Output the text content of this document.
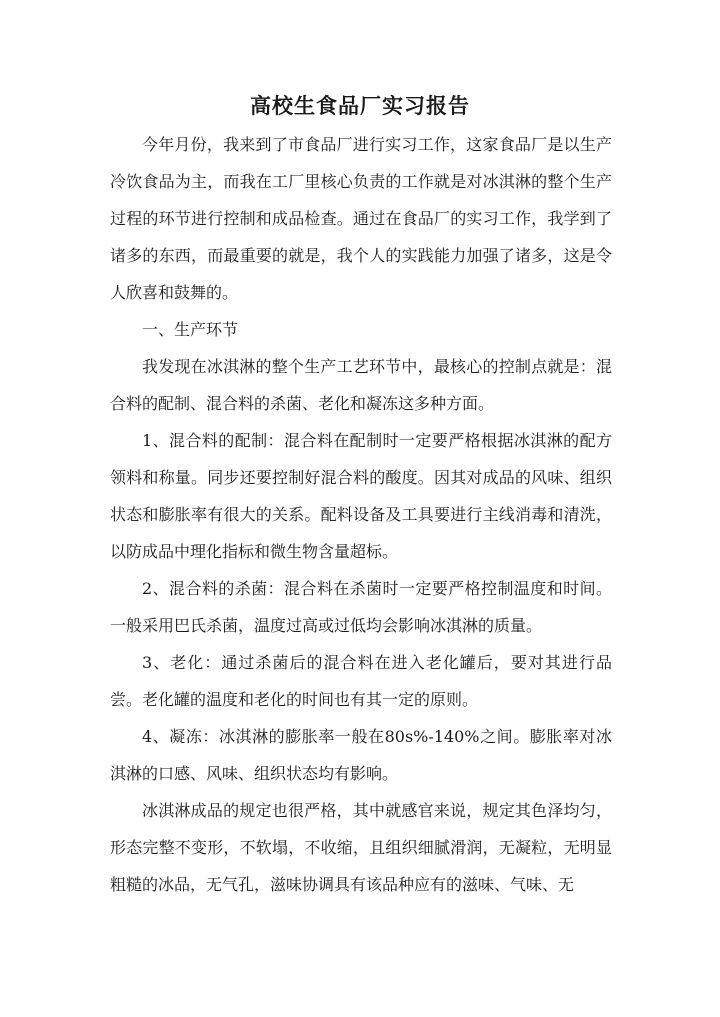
高校生食品厂实习报告

今年月份，我来到了市食品厂进行实习工作，这家食品厂是以生产冷饮食品为主，而我在工厂里核心负责的工作就是对冰淇淋的整个生产过程的环节进行控制和成品检查。通过在食品厂的实习工作，我学到了诸多的东西，而最重要的就是，我个人的实践能力加强了诸多，这是令人欣喜和鼓舞的。

一、生产环节

我发现在冰淇淋的整个生产工艺环节中，最核心的控制点就是：混合料的配制、混合料的杀菌、老化和凝冻这多种方面。

1、混合料的配制：混合料在配制时一定要严格根据冰淇淋的配方领料和称量。同步还要控制好混合料的酸度。因其对成品的风味、组织状态和膨胀率有很大的关系。配料设备及工具要进行主线消毒和清洗，以防成品中理化指标和微生物含量超标。

2、混合料的杀菌：混合料在杀菌时一定要严格控制温度和时间。一般采用巴氏杀菌，温度过高或过低均会影响冰淇淋的质量。

3、老化：通过杀菌后的混合料在进入老化罐后，要对其进行品尝。老化罐的温度和老化的时间也有其一定的原则。

4、凝冻：冰淇淋的膨胀率一般在80s%-140%之间。膨胀率对冰淇淋的口感、风味、组织状态均有影响。

冰淇淋成品的规定也很严格，其中就感官来说，规定其色泽均匀，形态完整不变形，不软塌，不收缩，且组织细腻滑润，无凝粒，无明显粗糙的冰品，无气孔，滋味协调具有该品种应有的滋味、气味、无
